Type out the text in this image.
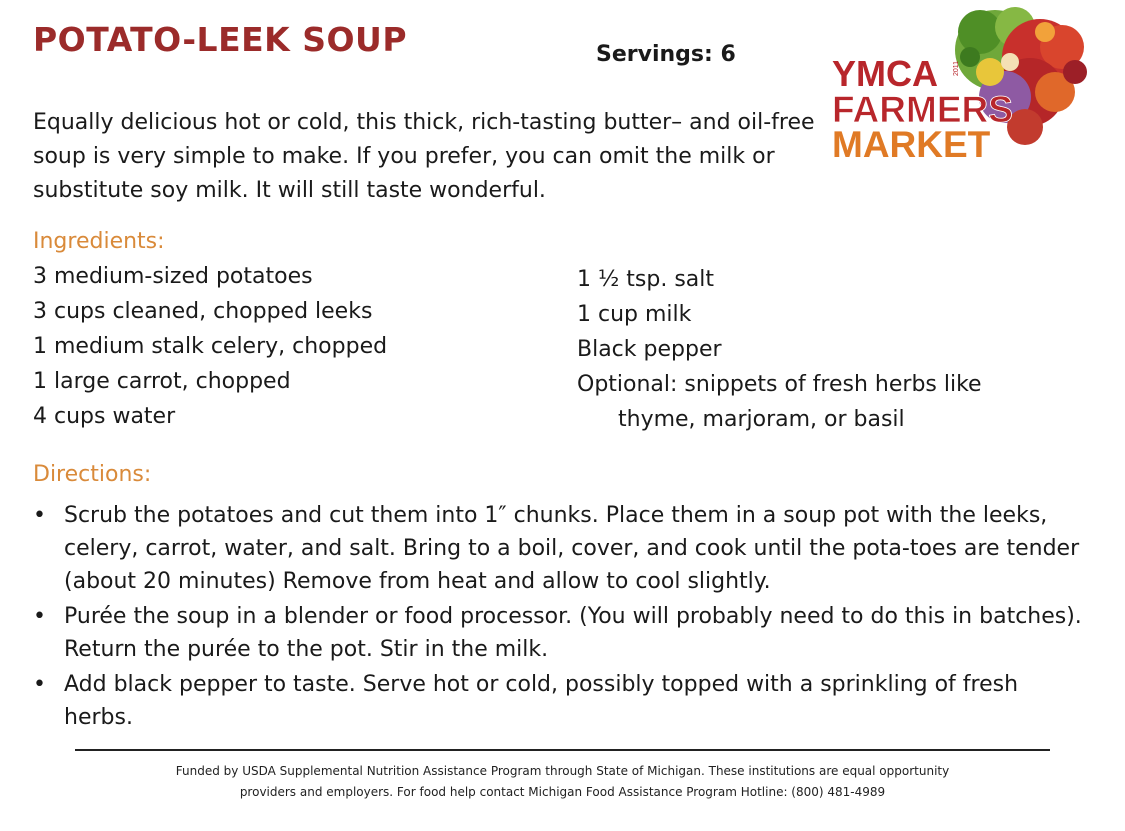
POTATO-LEEK SOUP	Servings: 6	YMCA 2011
FARMERS
MARKET
Equally delicious hot or cold, this thick, rich-tasting butter– and oil-free soup is very simple to make. If you prefer, you can omit the milk or substitute soy milk. It will still taste wonderful.
Ingredients:
3 medium-sized potatoes
3 cups cleaned, chopped leeks
1 medium stalk celery, chopped
1 large carrot, chopped
4 cups water
1 ½ tsp. salt
1 cup milk
Black pepper
Optional: snippets of fresh herbs like
thyme, marjoram, or basil
Directions:
• Scrub the potatoes and cut them into 1″ chunks. Place them in a soup pot with the leeks, celery, carrot, water, and salt. Bring to a boil, cover, and cook until the pota-toes are tender (about 20 minutes) Remove from heat and allow to cool slightly.
• Purée the soup in a blender or food processor. (You will probably need to do this in batches). Return the purée to the pot. Stir in the milk.
• Add black pepper to taste. Serve hot or cold, possibly topped with a sprinkling of fresh herbs.
Funded by USDA Supplemental Nutrition Assistance Program through State of Michigan. These institutions are equal opportunity
providers and employers. For food help contact Michigan Food Assistance Program Hotline: (800) 481-4989
